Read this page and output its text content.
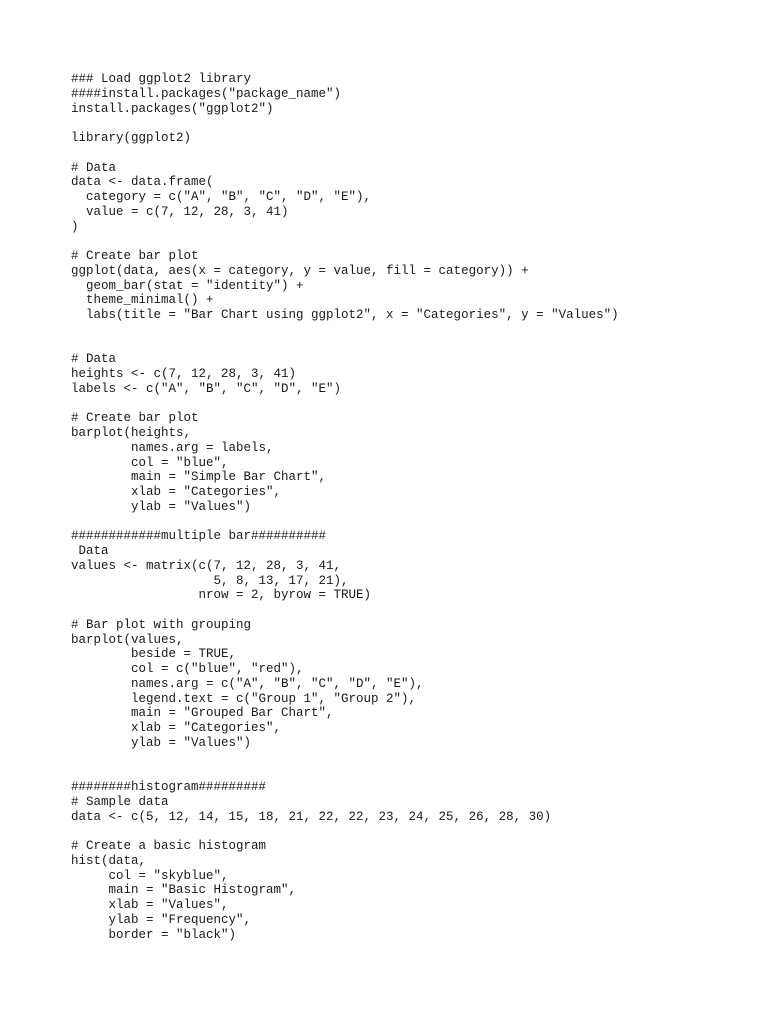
### Load ggplot2 library
####install.packages("package_name")
install.packages("ggplot2")
library(ggplot2)
# Data
data <- data.frame(
category = c("A", "B", "C", "D", "E"),
value = c(7, 12, 28, 3, 41)
)
# Create bar plot
ggplot(data, aes(x = category, y = value, fill = category)) +
geom_bar(stat = "identity") +
theme_minimal() +
labs(title = "Bar Chart using ggplot2", x = "Categories", y = "Values")
# Data
heights <- c(7, 12, 28, 3, 41)
labels <- c("A", "B", "C", "D", "E")
# Create bar plot
barplot(heights,
names.arg = labels,
col = "blue",
main = "Simple Bar Chart",
xlab = "Categories",
ylab = "Values")
############multiple bar##########
Data
values <- matrix(c(7, 12, 28, 3, 41,
5, 8, 13, 17, 21),
nrow = 2, byrow = TRUE)
# Bar plot with grouping
barplot(values,
beside = TRUE,
col = c("blue", "red"),
names.arg = c("A", "B", "C", "D", "E"),
legend.text = c("Group 1", "Group 2"),
main = "Grouped Bar Chart",
xlab = "Categories",
ylab = "Values")
########histogram#########
# Sample data
data <- c(5, 12, 14, 15, 18, 21, 22, 22, 23, 24, 25, 26, 28, 30)
# Create a basic histogram
hist(data,
col = "skyblue",
main = "Basic Histogram",
xlab = "Values",
ylab = "Frequency",
border = "black")
